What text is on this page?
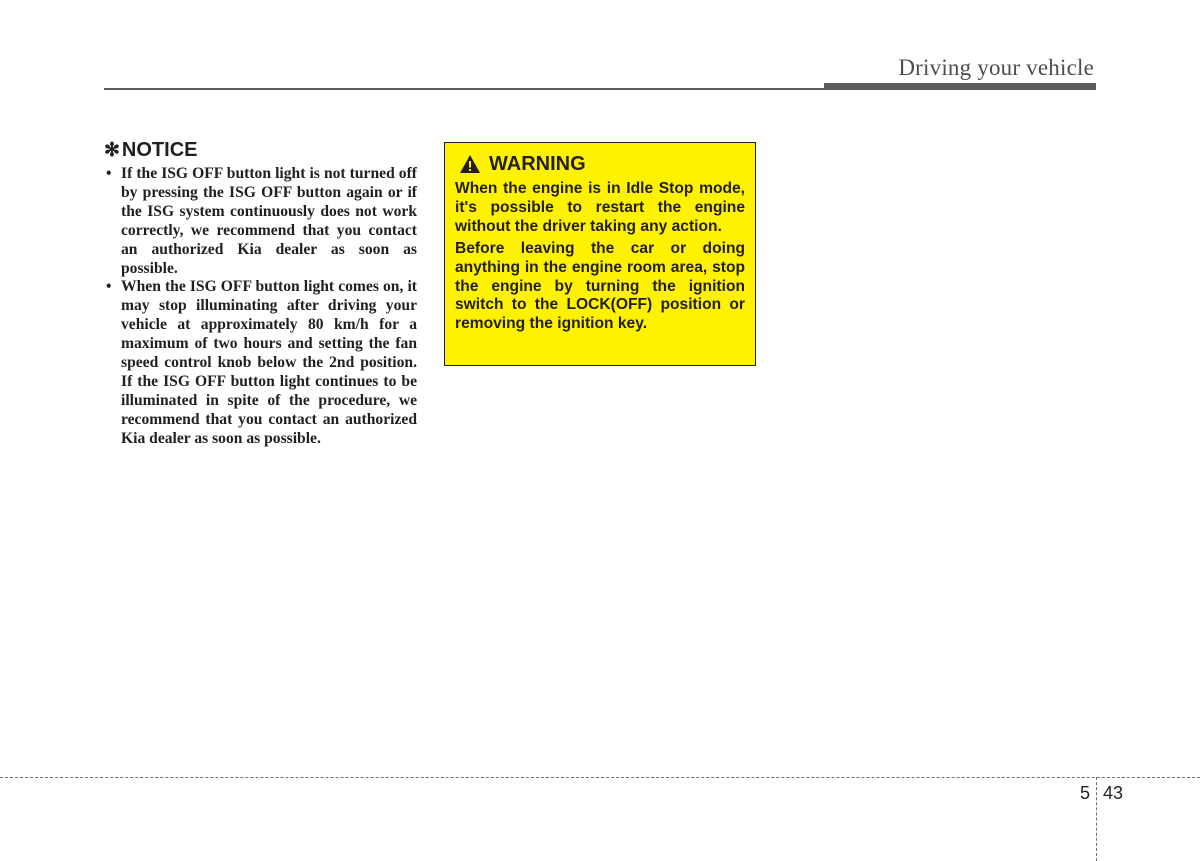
Driving your vehicle
✻ NOTICE
• If the ISG OFF button light is not turned off by pressing the ISG OFF button again or if the ISG system continuously does not work correctly, we recommend that you contact an authorized Kia dealer as soon as possible.
• When the ISG OFF button light comes on, it may stop illuminating after driving your vehicle at approximately 80 km/h for a maximum of two hours and setting the fan speed control knob below the 2nd position. If the ISG OFF button light continues to be illuminated in spite of the procedure, we recommend that you contact an authorized Kia dealer as soon as possible.
WARNING

When the engine is in Idle Stop mode, it's possible to restart the engine without the driver taking any action.

Before leaving the car or doing anything in the engine room area, stop the engine by turning the ignition switch to the LOCK(OFF) position or removing the ignition key.

5 43
